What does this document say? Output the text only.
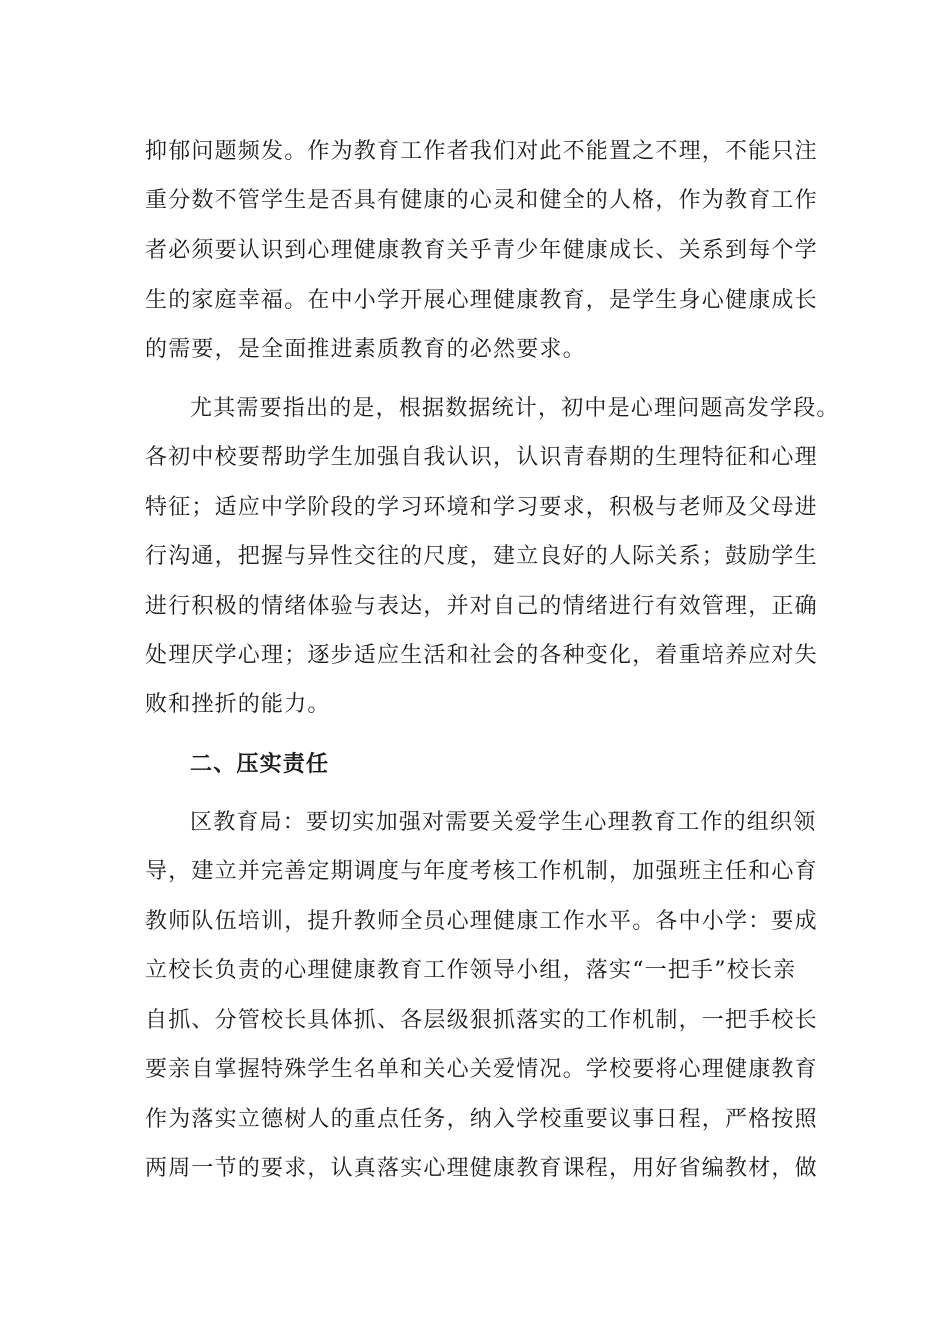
抑郁问题频发。作为教育工作者我们对此不能置之不理，不能只注
重分数不管学生是否具有健康的心灵和健全的人格，作为教育工作
者必须要认识到心理健康教育关乎青少年健康成长、关系到每个学
生的家庭幸福。在中小学开展心理健康教育，是学生身心健康成长
的需要，是全面推进素质教育的必然要求。
尤其需要指出的是，根据数据统计，初中是心理问题高发学段。
各初中校要帮助学生加强自我认识，认识青春期的生理特征和心理
特征；适应中学阶段的学习环境和学习要求，积极与老师及父母进
行沟通，把握与异性交往的尺度，建立良好的人际关系；鼓励学生
进行积极的情绪体验与表达，并对自己的情绪进行有效管理，正确
处理厌学心理；逐步适应生活和社会的各种变化，着重培养应对失
败和挫折的能力。
二、压实责任
区教育局：要切实加强对需要关爱学生心理教育工作的组织领
导，建立并完善定期调度与年度考核工作机制，加强班主任和心育
教师队伍培训，提升教师全员心理健康工作水平。各中小学：要成
立校长负责的心理健康教育工作领导小组，落实“一把手”校长亲
自抓、分管校长具体抓、各层级狠抓落实的工作机制，一把手校长
要亲自掌握特殊学生名单和关心关爱情况。学校要将心理健康教育
作为落实立德树人的重点任务，纳入学校重要议事日程，严格按照
两周一节的要求，认真落实心理健康教育课程，用好省编教材，做
